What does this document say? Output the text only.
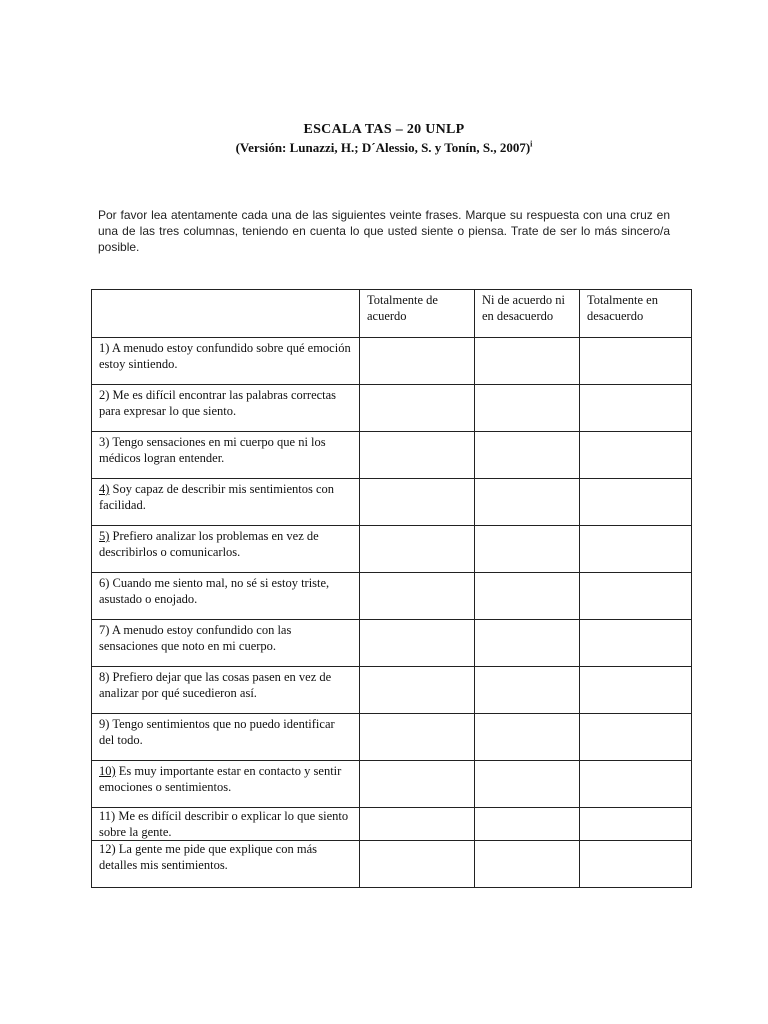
ESCALA TAS – 20 UNLP
(Versión: Lunazzi, H.; D´Alessio, S. y Tonín, S., 2007)$^i$

Por favor lea atentamente cada una de las siguientes veinte frases. Marque su respuesta con una cruz en una de las tres columnas, teniendo en cuenta lo que usted siente o piensa. Trate de ser lo más sincero/a posible.

	Totalmente de acuerdo	Ni de acuerdo ni en desacuerdo	Totalmente en desacuerdo
1) A menudo estoy confundido sobre qué emoción estoy sintiendo.			
2) Me es difícil encontrar las palabras correctas para expresar lo que siento.			
3) Tengo sensaciones en mi cuerpo que ni los médicos logran entender.			
4) Soy capaz de describir mis sentimientos con facilidad.			
5) Prefiero analizar los problemas en vez de describirlos o comunicarlos.			
6) Cuando me siento mal, no sé si estoy triste, asustado o enojado.			
7) A menudo estoy confundido con las sensaciones que noto en mi cuerpo.			
8) Prefiero dejar que las cosas pasen en vez de analizar por qué sucedieron así.			
9) Tengo sentimientos que no puedo identificar del todo.			
10) Es muy importante estar en contacto y sentir emociones o sentimientos.			
11) Me es difícil describir o explicar lo que siento sobre la gente.			
12) La gente me pide que explique con más detalles mis sentimientos.			
